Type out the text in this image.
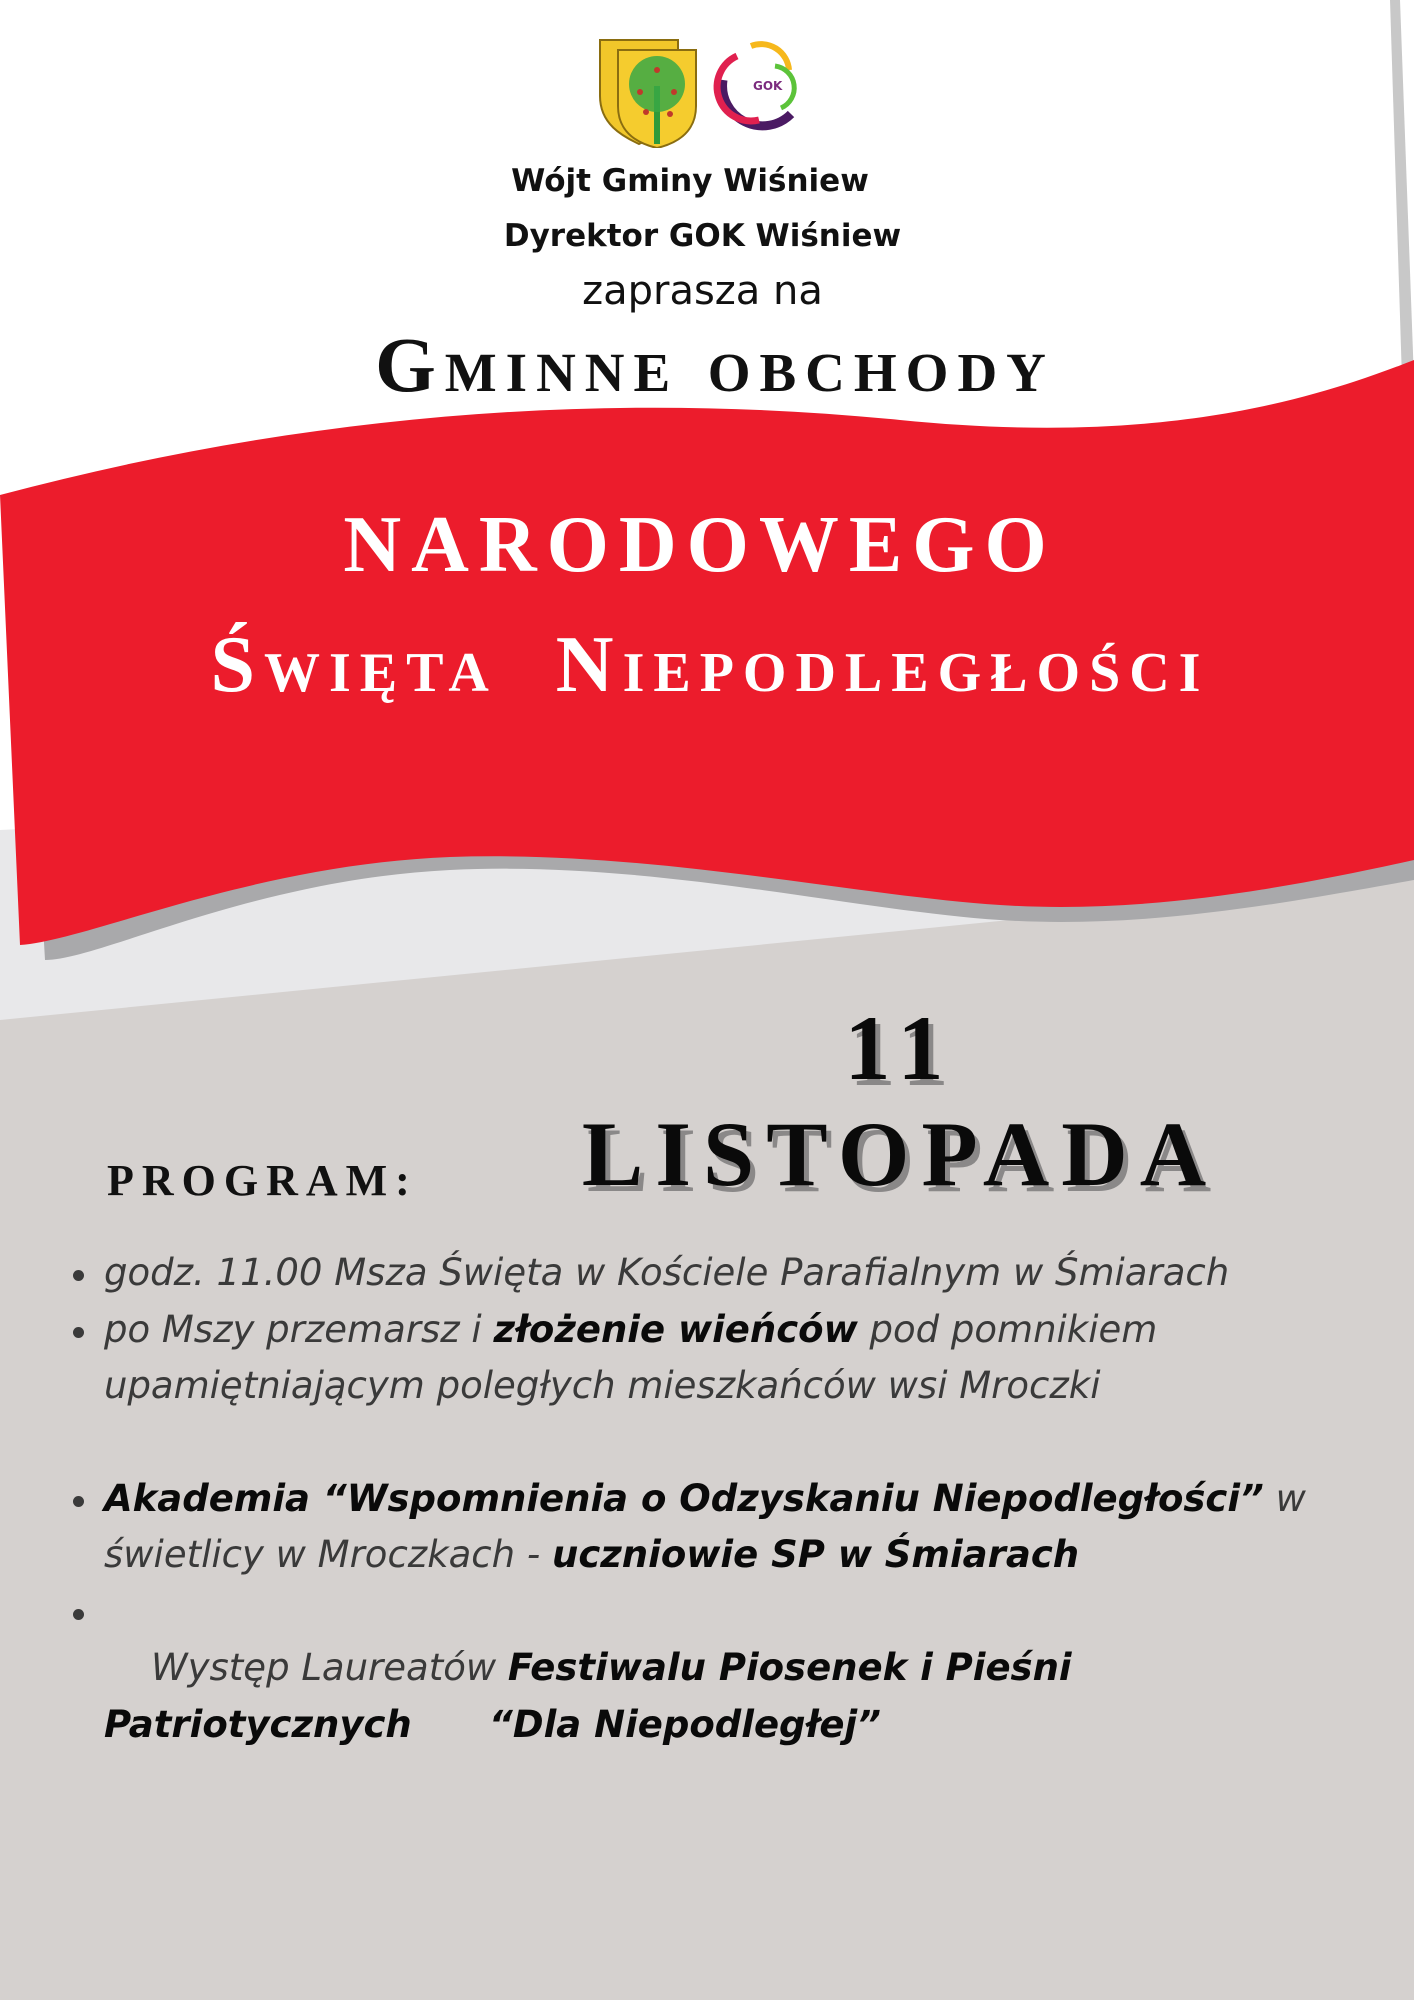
GOK
Wójt Gminy Wiśniew
Dyrektor GOK Wiśniew
zaprasza na
Gminne obchody
NARODOWEGO
Święta  Niepodległości
11 LISTOPADA
PROGRAM:
godz. 11.00 Msza Święta w Kościele Parafialnym w Śmiarach
po Mszy przemarsz i złożenie wieńców pod pomnikiem upamiętniającym poległych mieszkańców wsi Mroczki
Akademia “Wspomnienia o Odzyskaniu Niepodległości” w świetlicy w Mroczkach - uczniowie SP w Śmiarach

Występ Laureatów Festiwalu Piosenek i Pieśni Patriotycznych      “Dla Niepodległej”
